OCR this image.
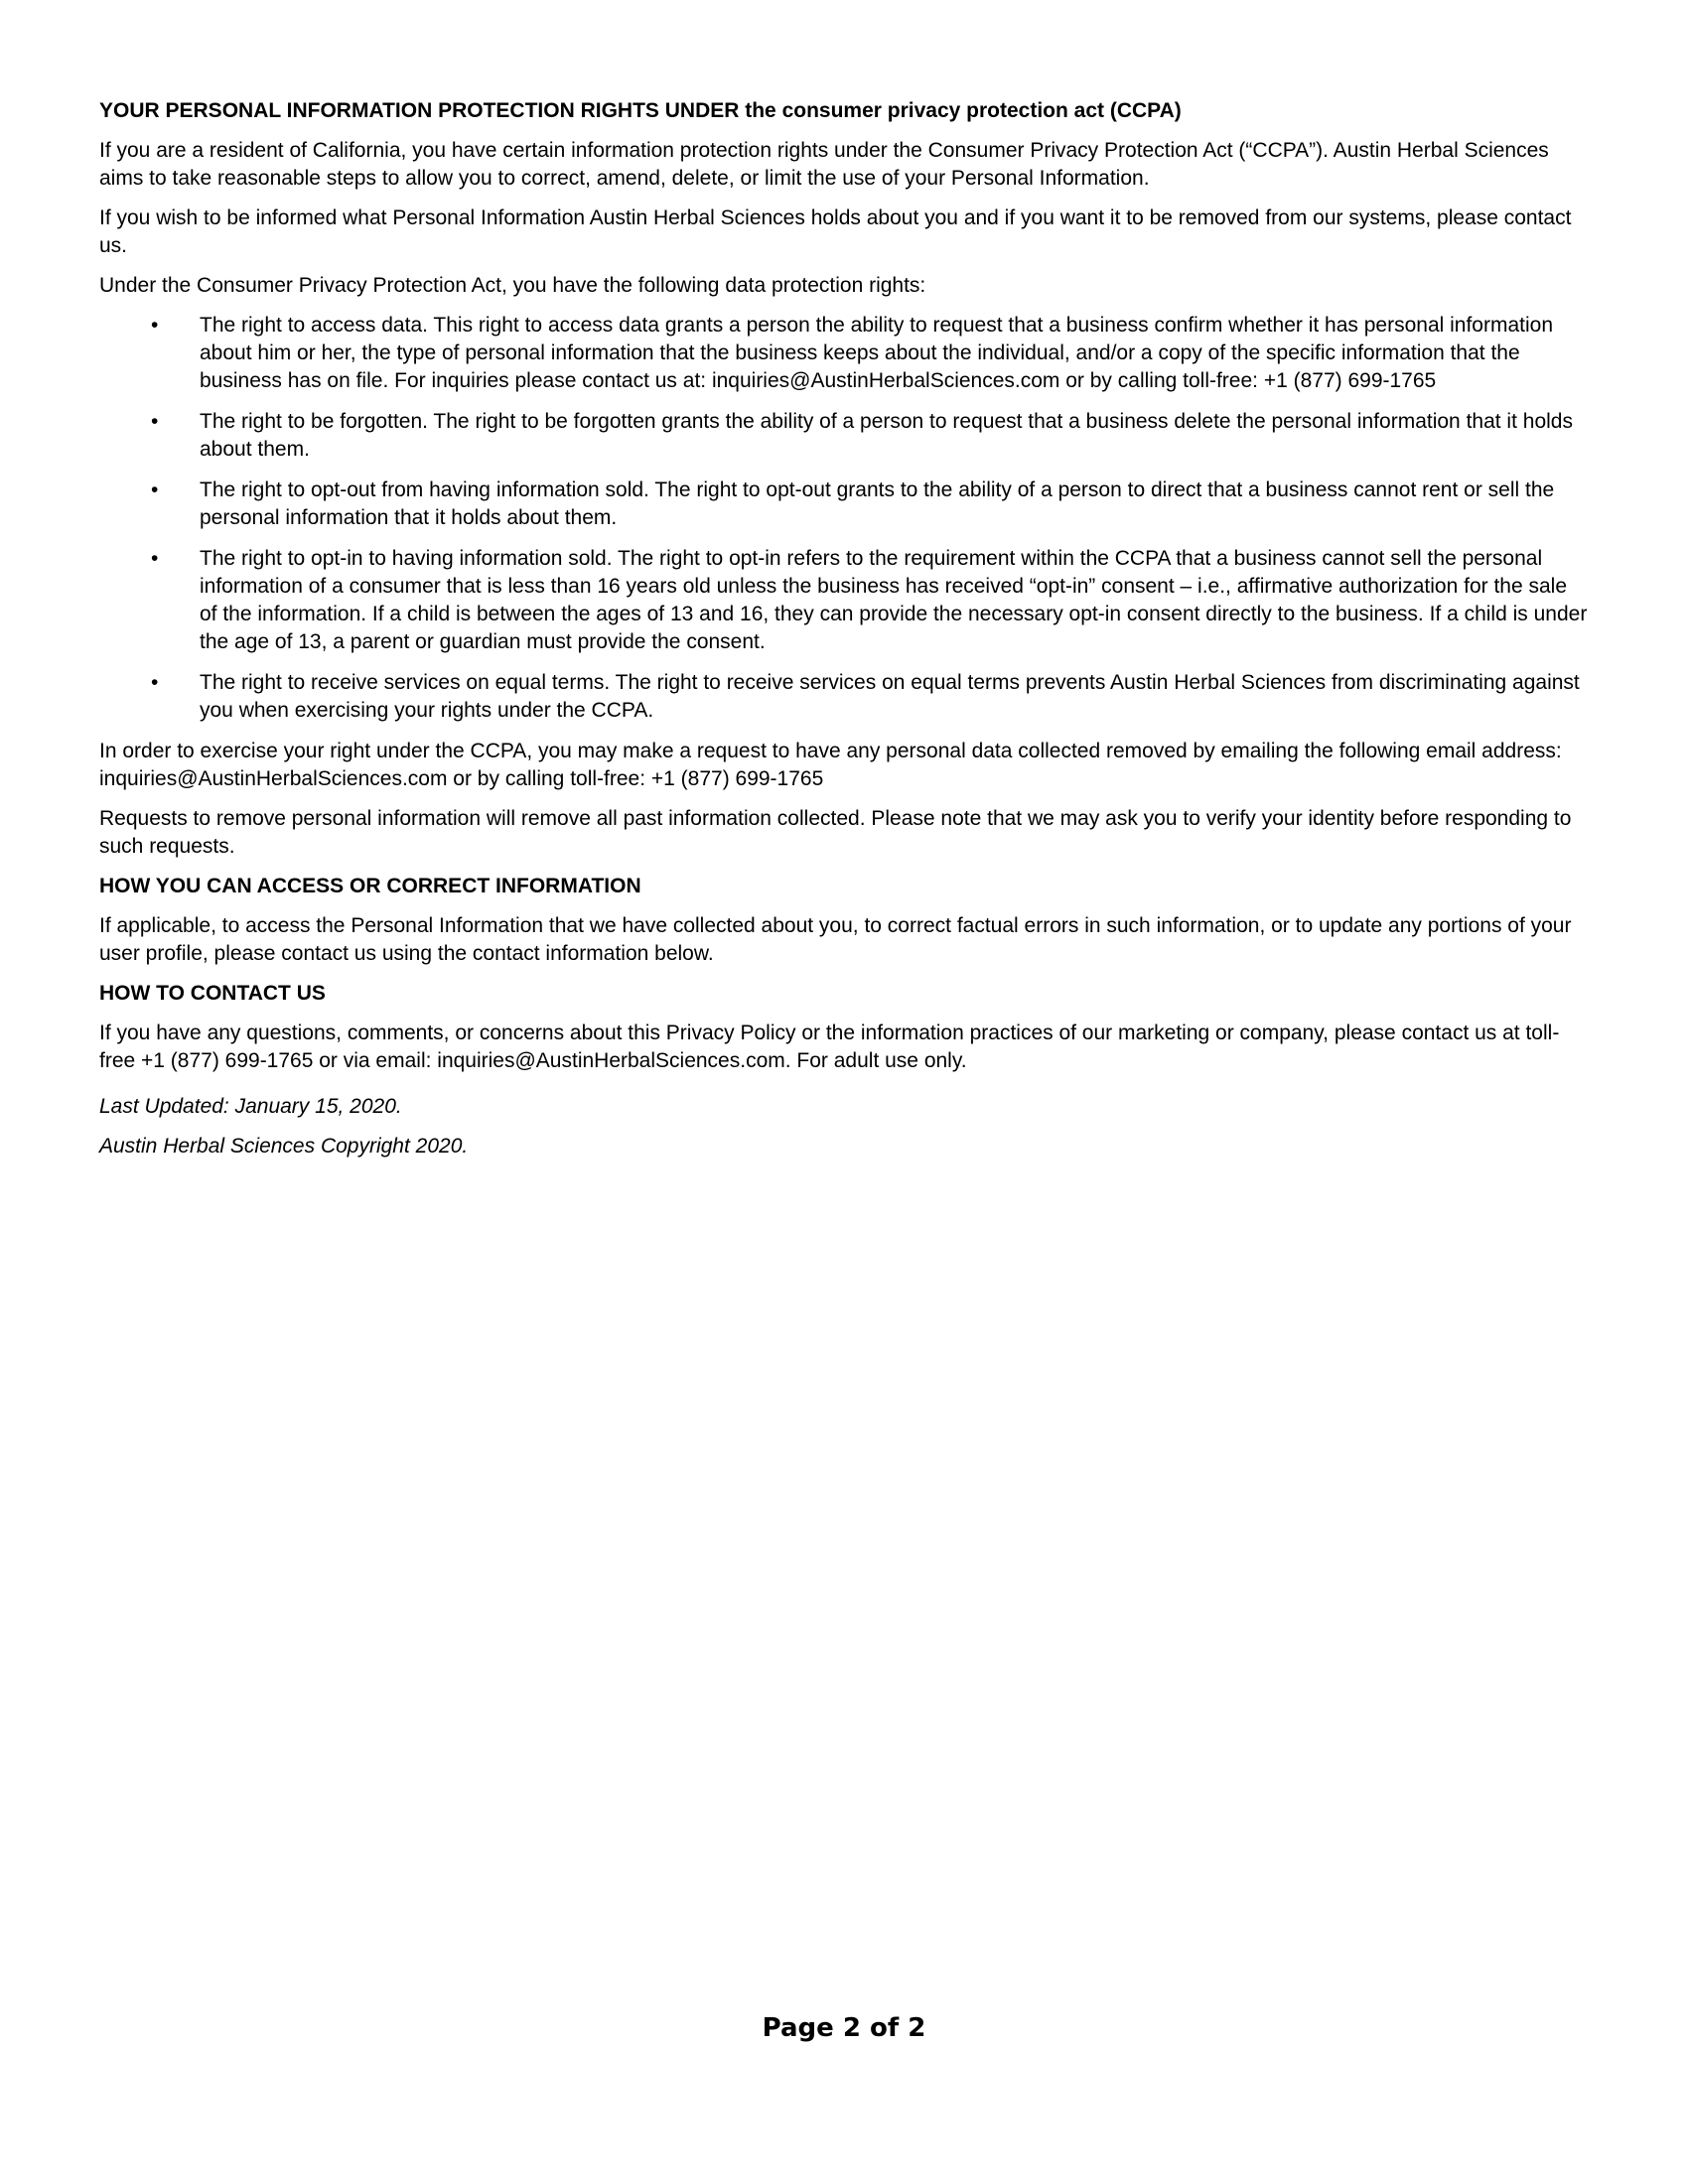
YOUR PERSONAL INFORMATION PROTECTION RIGHTS UNDER the consumer privacy protection act (CCPA)
If you are a resident of California, you have certain information protection rights under the Consumer Privacy Protection Act (“CCPA”). Austin Herbal Sciences aims to take reasonable steps to allow you to correct, amend, delete, or limit the use of your Personal Information.
If you wish to be informed what Personal Information Austin Herbal Sciences holds about you and if you want it to be removed from our systems, please contact us.
Under the Consumer Privacy Protection Act, you have the following data protection rights:
• The right to access data. This right to access data grants a person the ability to request that a business confirm whether it has personal information about him or her, the type of personal information that the business keeps about the individual, and/or a copy of the specific information that the business has on file. For inquiries please contact us at: inquiries@AustinHerbalSciences.com or by calling toll-free: +1 (877) 699-1765
• The right to be forgotten. The right to be forgotten grants the ability of a person to request that a business delete the personal information that it holds about them.
• The right to opt-out from having information sold. The right to opt-out grants to the ability of a person to direct that a business cannot rent or sell the personal information that it holds about them.
• The right to opt-in to having information sold. The right to opt-in refers to the requirement within the CCPA that a business cannot sell the personal information of a consumer that is less than 16 years old unless the business has received “opt-in” consent – i.e., affirmative authorization for the sale of the information. If a child is between the ages of 13 and 16, they can provide the necessary opt-in consent directly to the business. If a child is under the age of 13, a parent or guardian must provide the consent.
• The right to receive services on equal terms. The right to receive services on equal terms prevents Austin Herbal Sciences from discriminating against you when exercising your rights under the CCPA.
In order to exercise your right under the CCPA, you may make a request to have any personal data collected removed by emailing the following email address: inquiries@AustinHerbalSciences.com or by calling toll-free: +1 (877) 699-1765
Requests to remove personal information will remove all past information collected. Please note that we may ask you to verify your identity before responding to such requests.
HOW YOU CAN ACCESS OR CORRECT INFORMATION
If applicable, to access the Personal Information that we have collected about you, to correct factual errors in such information, or to update any portions of your user profile, please contact us using the contact information below.
HOW TO CONTACT US
If you have any questions, comments, or concerns about this Privacy Policy or the information practices of our marketing or company, please contact us at toll-free +1 (877) 699-1765 or via email: inquiries@AustinHerbalSciences.com. For adult use only.
Last Updated: January 15, 2020.
Austin Herbal Sciences Copyright 2020.
Page 2 of 2
